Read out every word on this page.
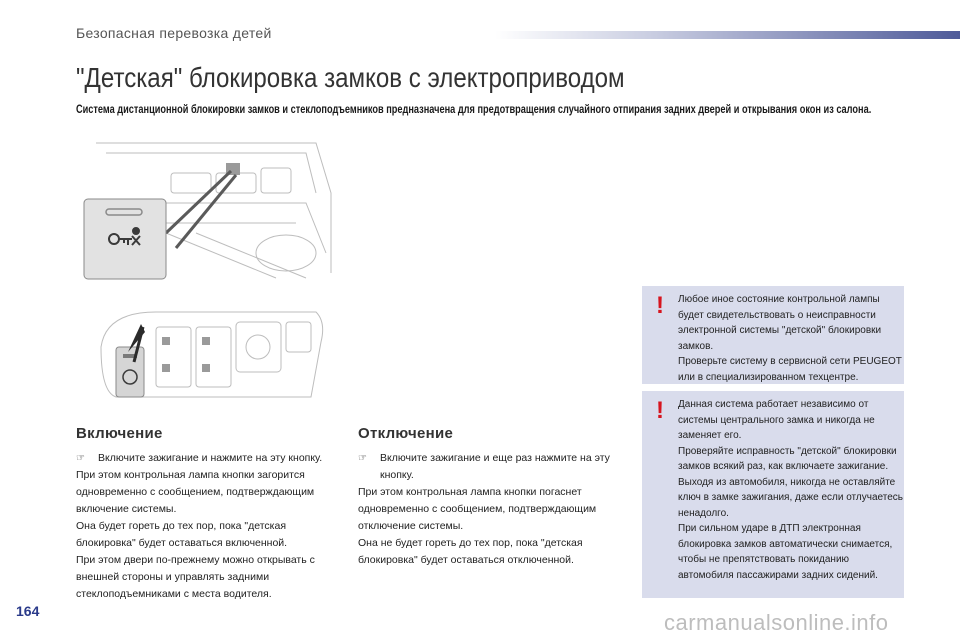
Безопасная перевозка детей
"Детская" блокировка замков с электроприводом
Система дистанционной блокировки замков и стеклоподъемников предназначена для предотвращения случайного отпирания задних дверей и открывания окон из салона.
Включение
☞	Включите зажигание и нажмите на эту кнопку.

При этом контрольная лампа кнопки загорится одновременно с сообщением, подтверждающим включение системы.

Она будет гореть до тех пор, пока "детская блокировка" будет оставаться включенной.

При этом двери по-прежнему можно открывать с внешней стороны и управлять задними стеклоподъемниками с места водителя.

Отключение
☞	Включите зажигание и еще раз нажмите на эту кнопку.

При этом контрольная лампа кнопки погаснет одновременно с сообщением, подтверждающим отключение системы.

Она не будет гореть до тех пор, пока "детская блокировка" будет оставаться отключенной.

! Любое иное состояние контрольной лампы будет свидетельствовать о неисправности электронной системы "детской" блокировки замков.

Проверьте систему в сервисной сети PEUGEOT или в специализированном техцентре.

! Данная система работает независимо от системы центрального замка и никогда не заменяет его.

Проверяйте исправность "детской" блокировки замков всякий раз, как включаете зажигание.

Выходя из автомобиля, никогда не оставляйте ключ в замке зажигания, даже если отлучаетесь ненадолго.

При сильном ударе в ДТП электронная блокировка замков автоматически снимается, чтобы не препятствовать покиданию автомобиля пассажирами задних сидений.

164	carmanualsonline.info
